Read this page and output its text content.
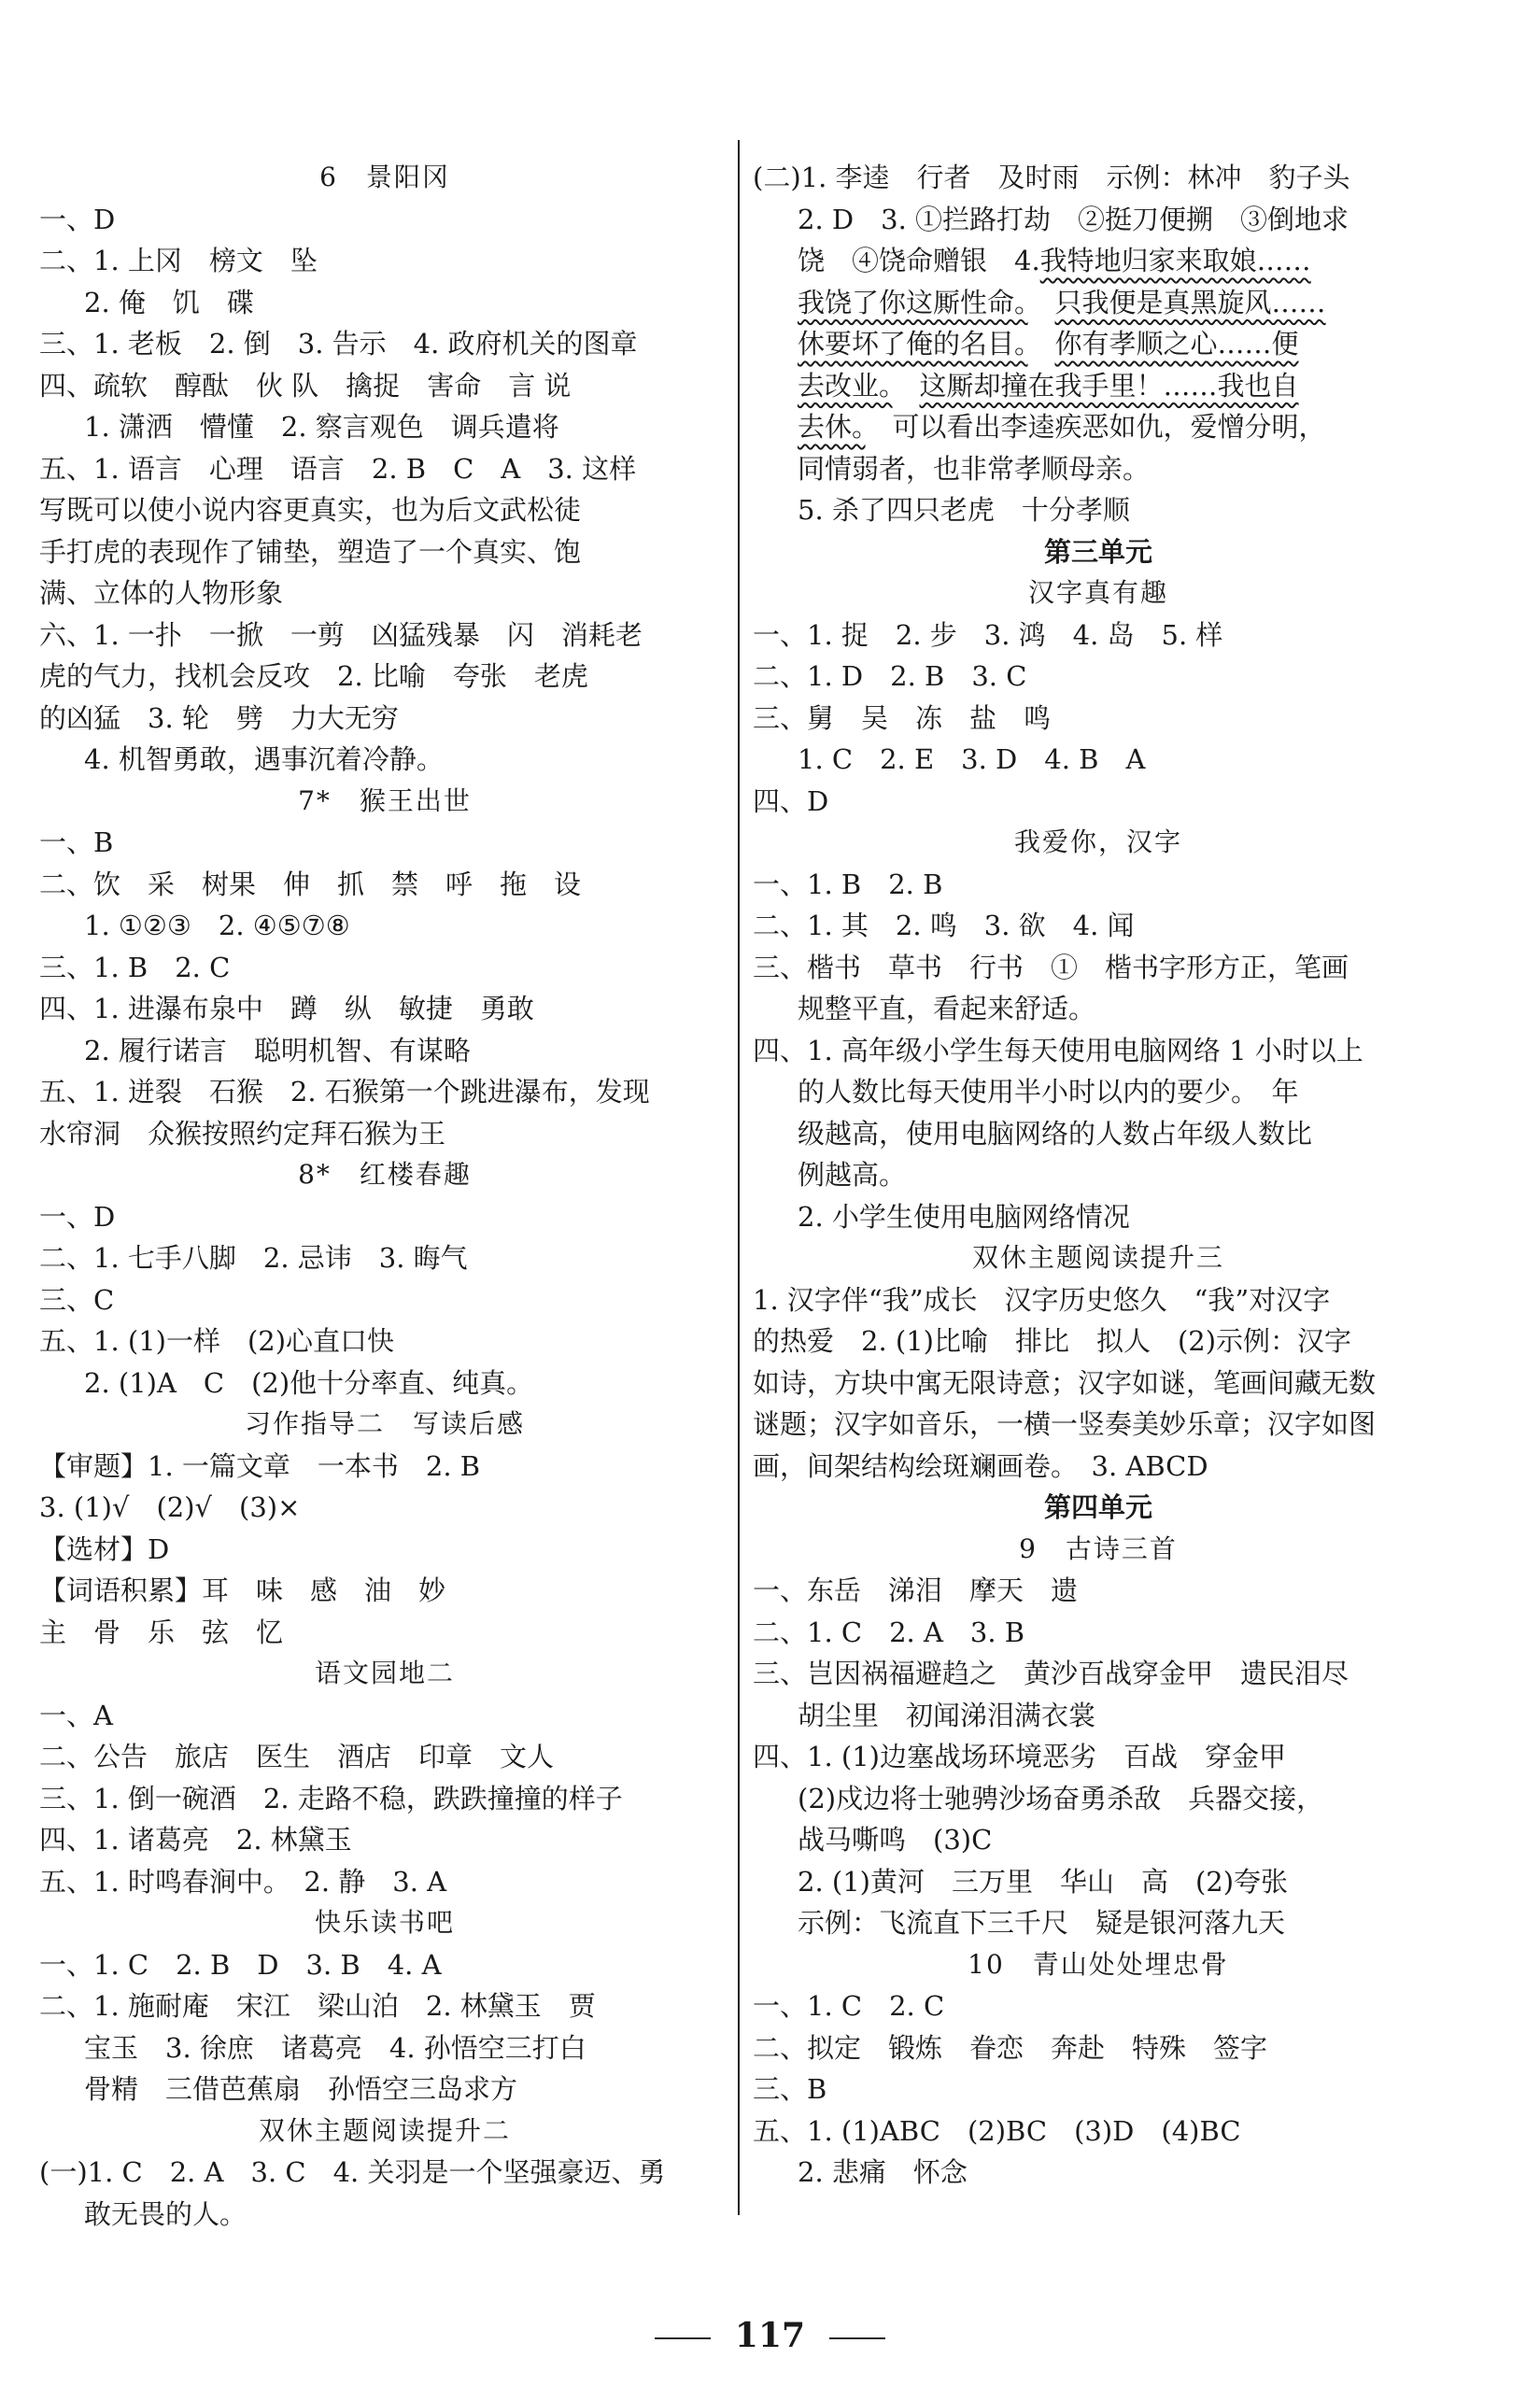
6　景阳冈
一、D
二、1. 上冈　榜文　坠
2. 俺　饥　碟
三、1. 老板　2. 倒　3. 告示　4. 政府机关的图章
四、疏软　醇酞　伙 队　擒捉　害命　言 说
1. 潇洒　懵懂　2. 察言观色　调兵遣将
五、1. 语言　心理　语言　2. B　C　A　3. 这样
写既可以使小说内容更真实，也为后文武松徒
手打虎的表现作了铺垫，塑造了一个真实、饱
满、立体的人物形象
六、1. 一扑　一掀　一剪　凶猛残暴　闪　消耗老
虎的气力，找机会反攻　2. 比喻　夸张　老虎
的凶猛　3. 轮　劈　力大无穷
4. 机智勇敢，遇事沉着冷静。
7*　猴王出世
一、B
二、饮　采　树果　伸　抓　禁　呼　拖　设
1. ①②③　2. ④⑤⑦⑧
三、1. B　2. C
四、1. 进瀑布泉中　蹲　纵　敏捷　勇敢
2. 履行诺言　聪明机智、有谋略
五、1. 迸裂　石猴　2. 石猴第一个跳进瀑布，发现
水帘洞　众猴按照约定拜石猴为王
8*　红楼春趣
一、D
二、1. 七手八脚　2. 忌讳　3. 晦气
三、C
五、1. (1)一样　(2)心直口快
2. (1)A　C　(2)他十分率直、纯真。
习作指导二　写读后感
【审题】1. 一篇文章　一本书　2. B
3. (1)√　(2)√　(3)×
【选材】D
【词语积累】耳　味　感　油　妙
主　骨　乐　弦　忆
语文园地二
一、A
二、公告　旅店　医生　酒店　印章　文人
三、1. 倒一碗酒　2. 走路不稳，跌跌撞撞的样子
四、1. 诸葛亮　2. 林黛玉
五、1. 时鸣春涧中。　2. 静　3. A
快乐读书吧
一、1. C　2. B　D　3. B　4. A
二、1. 施耐庵　宋江　梁山泊　2. 林黛玉　贾
宝玉　3. 徐庶　诸葛亮　4. 孙悟空三打白
骨精　三借芭蕉扇　孙悟空三岛求方
双休主题阅读提升二
(一)1. C　2. A　3. C　4. 关羽是一个坚强豪迈、勇
敢无畏的人。
(二)1. 李逵　行者　及时雨　示例：林冲　豹子头
2. D　3. ①拦路打劫　②挺刀便搠　③倒地求
饶　④饶命赠银　4.我特地归家来取娘……
我饶了你这厮性命。　 只我便是真黑旋风……
休要坏了俺的名目。　 你有孝顺之心……便
去改业。　 这厮却撞在我手里！……我也自
去休。　 可以看出李逵疾恶如仇，爱憎分明，
同情弱者，也非常孝顺母亲。
5. 杀了四只老虎　十分孝顺
第三单元
汉字真有趣
一、1. 捉　2. 步　3. 鸿　4. 岛　5. 样
二、1. D　2. B　3. C
三、舅　吴　冻　盐　鸣
1. C　2. E　3. D　4. B　A
四、D
我爱你，汉字
一、1. B　2. B
二、1. 其　2. 鸣　3. 欲　4. 闻
三、楷书　草书　行书　①　楷书字形方正，笔画
规整平直，看起来舒适。
四、1. 高年级小学生每天使用电脑网络 1 小时以上
的人数比每天使用半小时以内的要少。　年
级越高，使用电脑网络的人数占年级人数比
例越高。
2. 小学生使用电脑网络情况
双休主题阅读提升三
1. 汉字伴“我”成长　汉字历史悠久　“我”对汉字
的热爱　2. (1)比喻　排比　拟人　(2)示例：汉字
如诗，方块中寓无限诗意；汉字如谜，笔画间藏无数
谜题；汉字如音乐，一横一竖奏美妙乐章；汉字如图
画，间架结构绘斑斓画卷。　3. ABCD
第四单元
9　古诗三首
一、东岳　涕泪　摩天　遗
二、1. C　2. A　3. B
三、岂因祸福避趋之　黄沙百战穿金甲　遗民泪尽
胡尘里　初闻涕泪满衣裳
四、1. (1)边塞战场环境恶劣　百战　穿金甲
(2)戍边将士驰骋沙场奋勇杀敌　兵器交接，
战马嘶鸣　(3)C
2. (1)黄河　三万里　华山　高　(2)夸张
示例：飞流直下三千尺　疑是银河落九天
10　青山处处埋忠骨
一、1. C　2. C
二、拟定　锻炼　眷恋　奔赴　特殊　签字
三、B
五、1. (1)ABC　(2)BC　(3)D　(4)BC
2. 悲痛　怀念
117
